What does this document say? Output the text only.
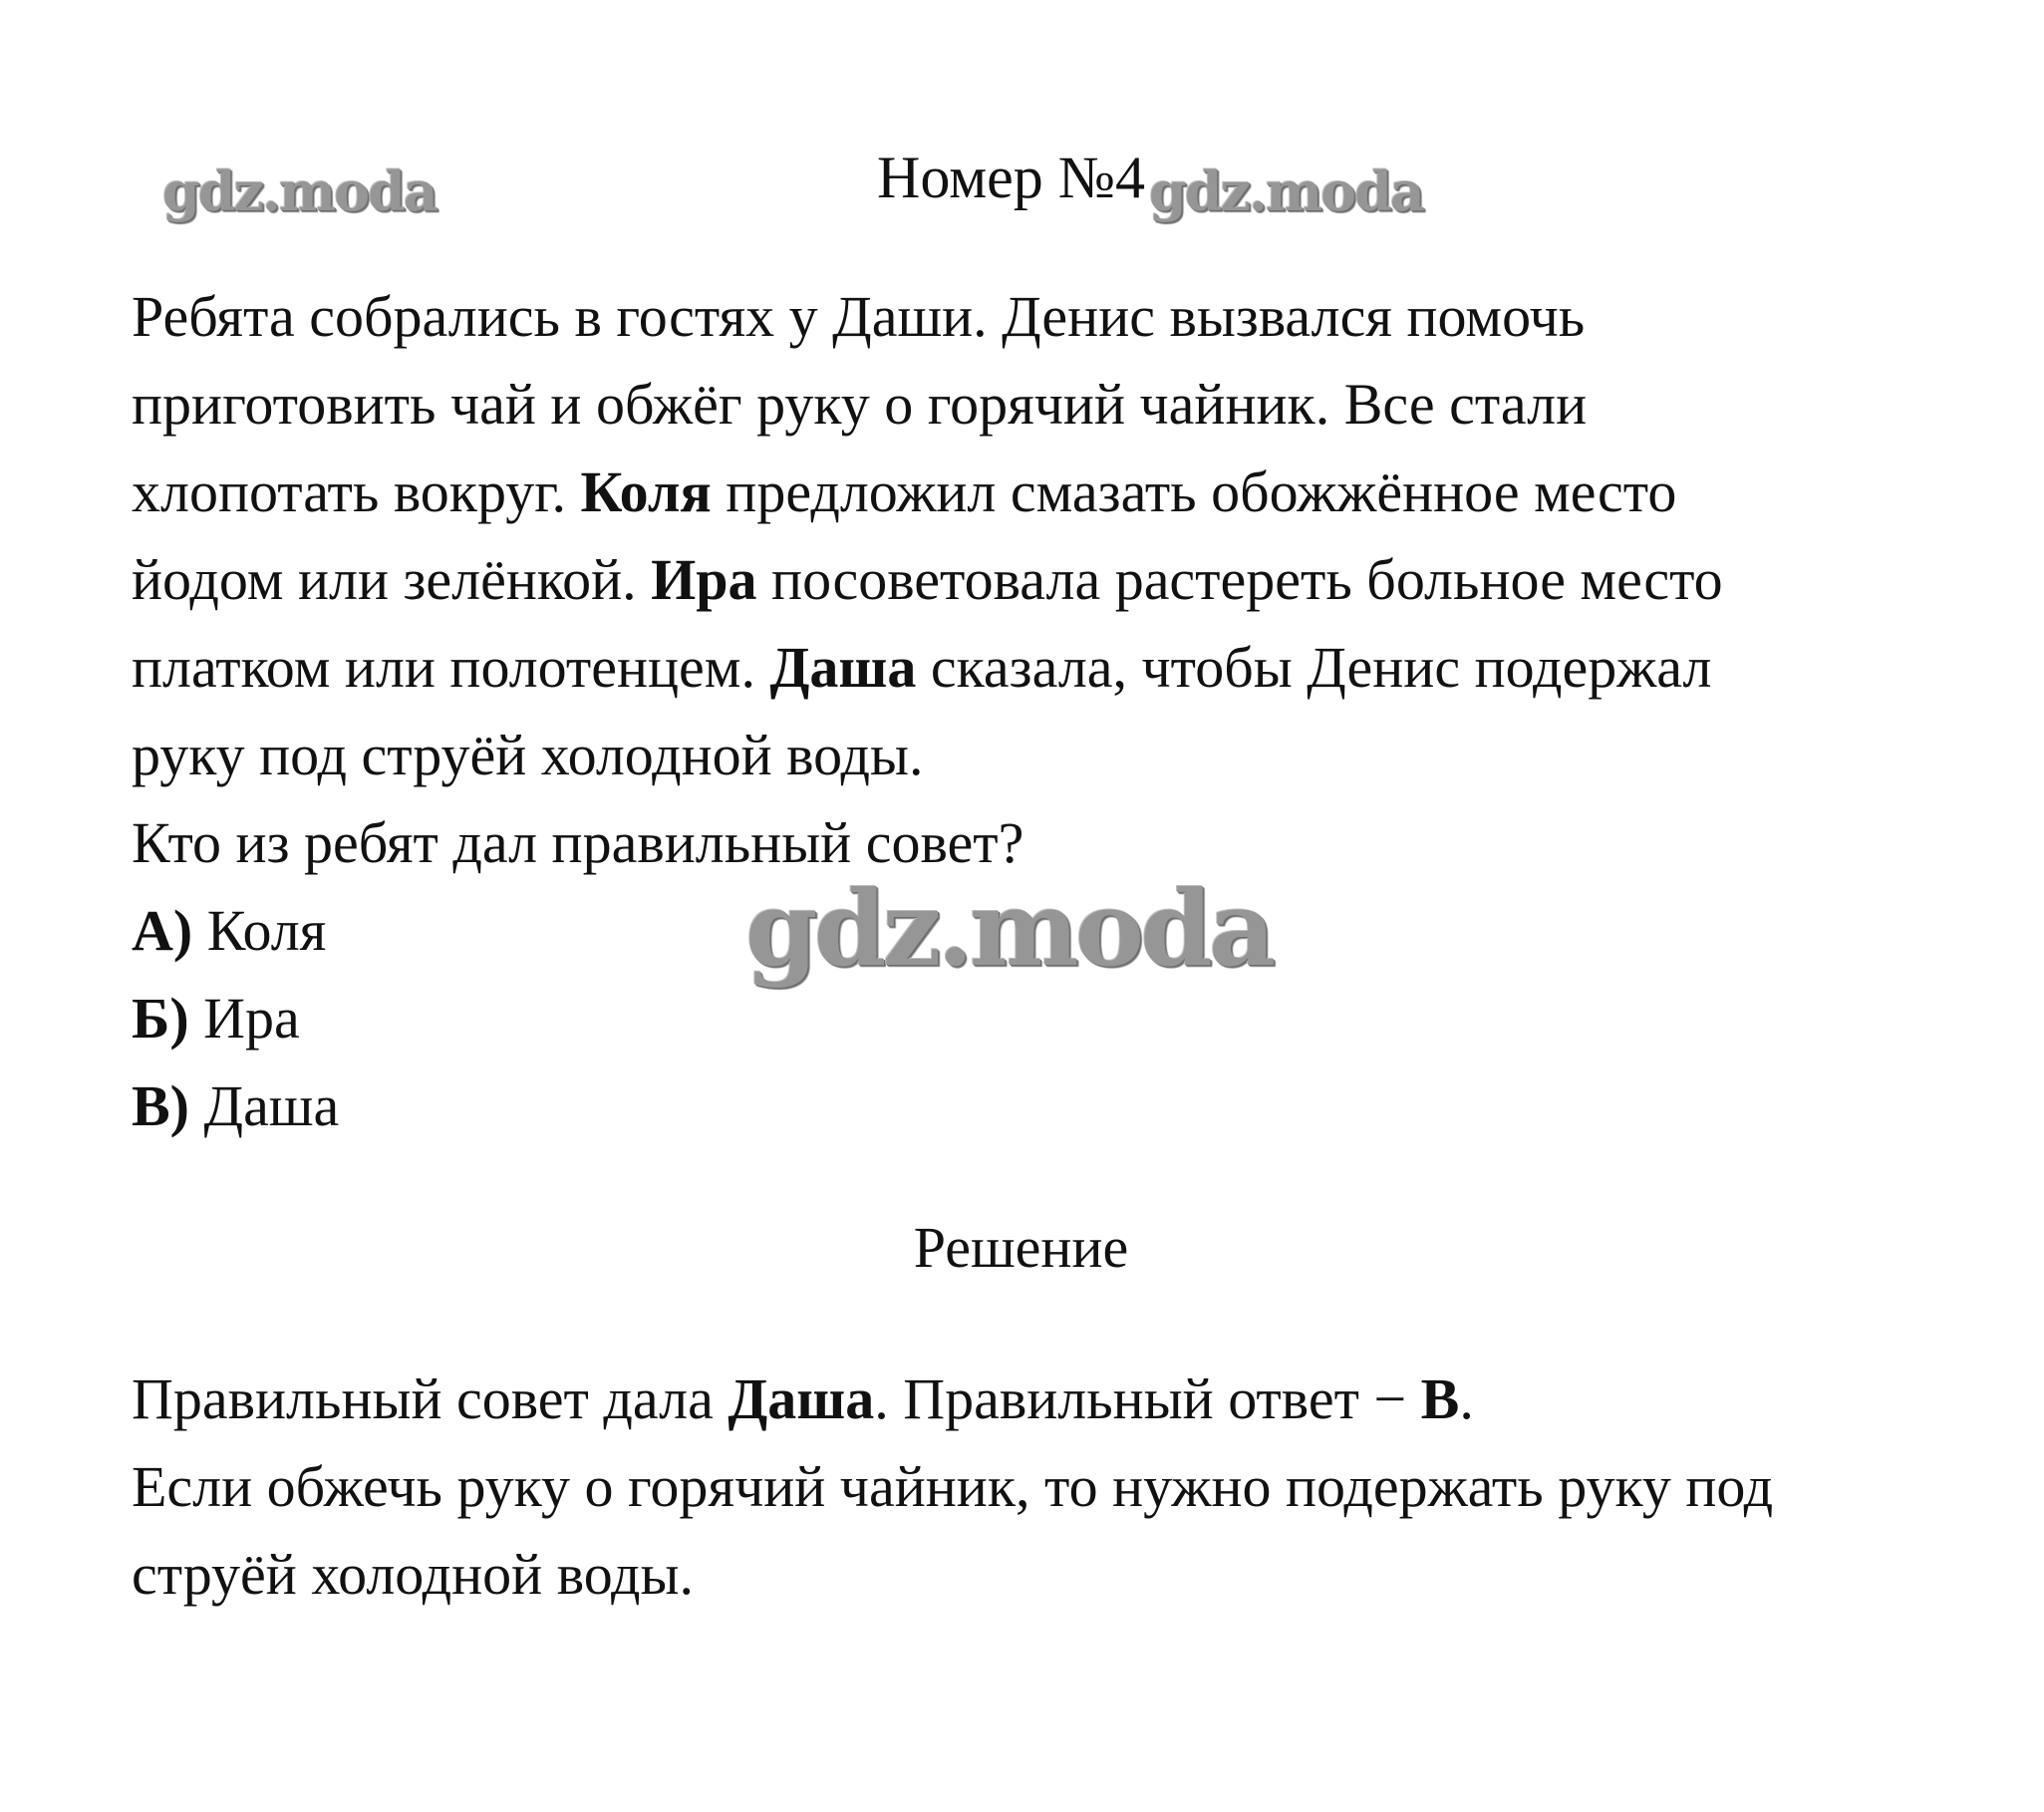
Номер №4
Ребята собрались в гостях у Даши. Денис вызвался помочь
приготовить чай и обжёг руку о горячий чайник. Все стали
хлопотать вокруг. Коля предложил смазать обожжённое место
йодом или зелёнкой. Ира посоветовала растереть больное место
платком или полотенцем. Даша сказала, чтобы Денис подержал
руку под струёй холодной воды.
Кто из ребят дал правильный совет?
А) Коля
Б) Ира
В) Даша
Решение
Правильный совет дала Даша. Правильный ответ − В.
Если обжечь руку о горячий чайник, то нужно подержать руку под
струёй холодной воды.
gdz.moda	gdz.moda
gdz.moda
